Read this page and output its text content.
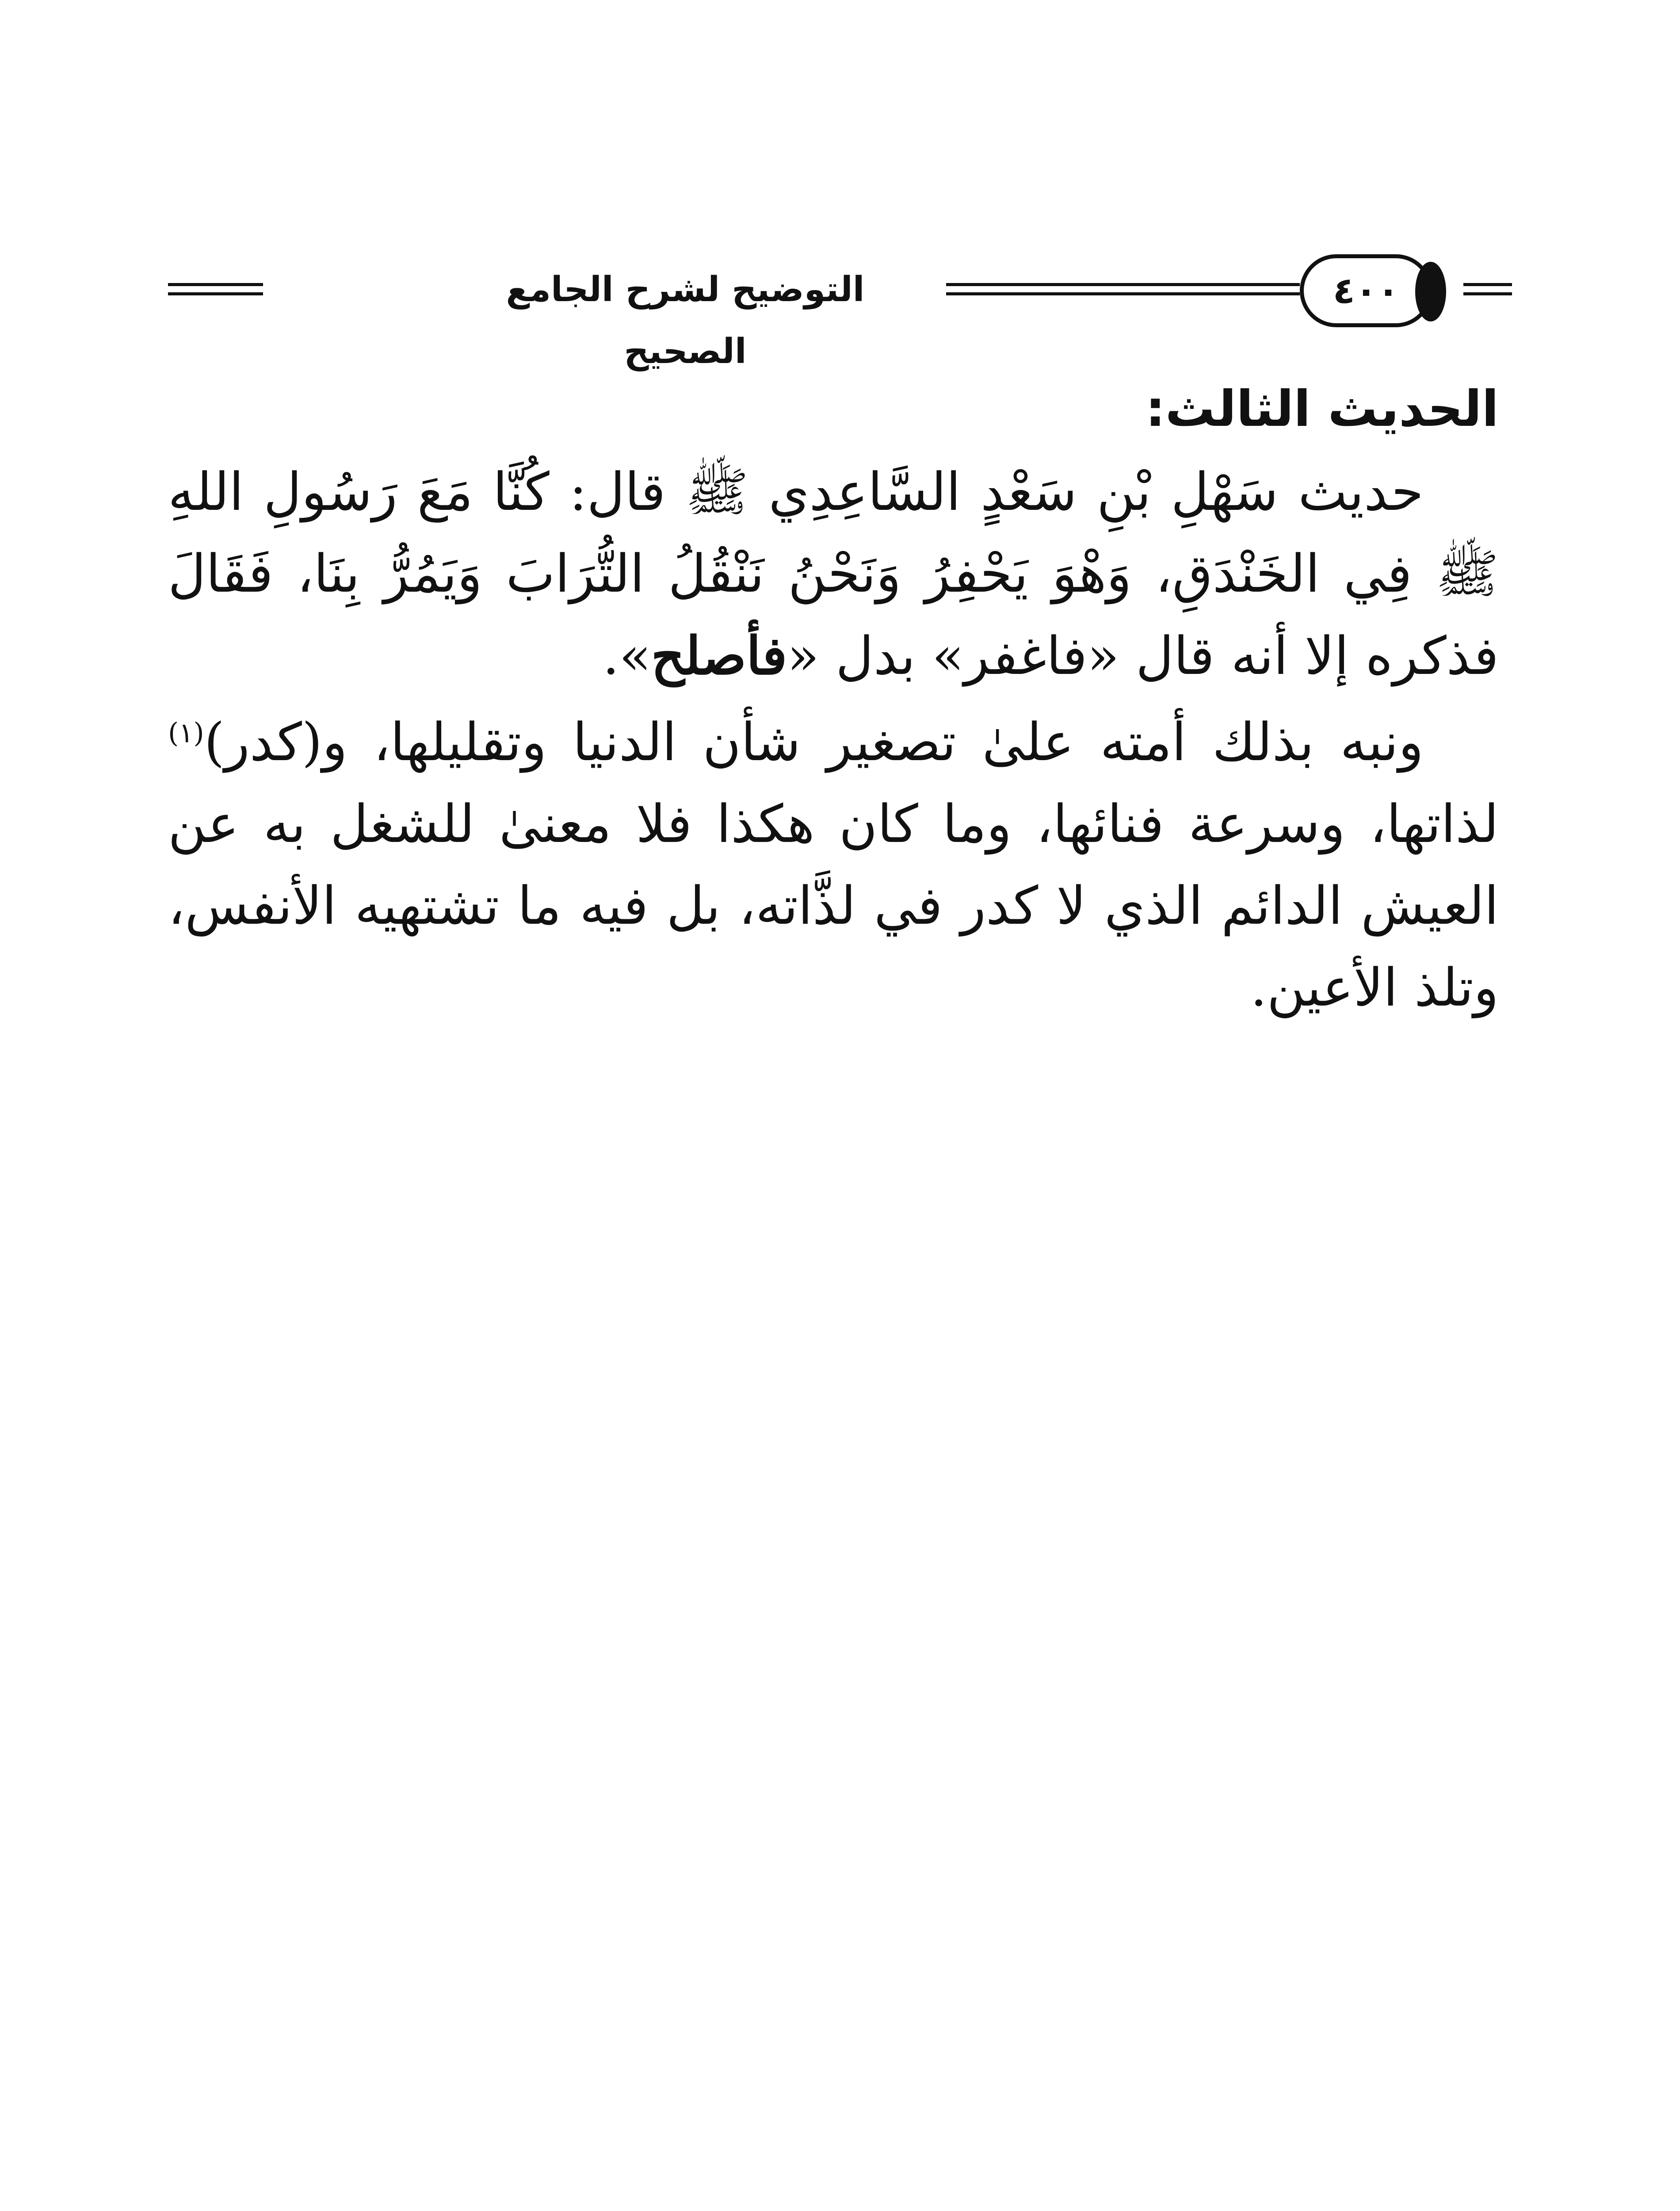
التوضيح لشرح الجامع الصحيح
٤٠٠

الحديث الثالث:

حديث سَهْلِ بْنِ سَعْدٍ السَّاعِدِي ﷺ قال: كُنَّا مَعَ رَسُولِ اللهِ ﷺ فِي الخَنْدَقِ، وَهْوَ يَحْفِرُ وَنَحْنُ نَنْقُلُ التُّرَابَ وَيَمُرُّ بِنَا، فَقَالَ فذكره إلا أنه قال «فاغفر» بدل «فأصلح».

ونبه بذلك أمته علىٰ تصغير شأن الدنيا وتقليلها، و(كدر)$^{(١)}$ لذاتها، وسرعة فنائها، وما كان هكذا فلا معنىٰ للشغل به عن العيش الدائم الذي لا كدر في لذَّاته، بل فيه ما تشتهيه الأنفس، وتلذ الأعين.
